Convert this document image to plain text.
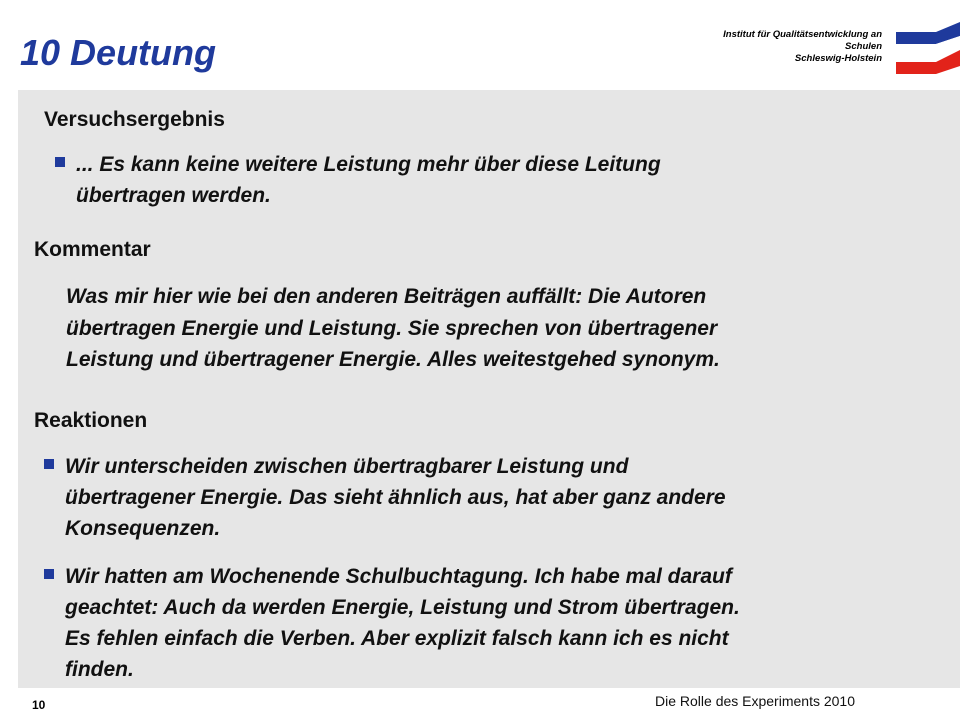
10 Deutung	Institut für Qualitätsentwicklung an
Schulen
Schleswig-Holstein
Versuchsergebnis
... Es kann keine weitere Leistung mehr über diese Leitung
übertragen werden.
Kommentar
Was mir hier wie bei den anderen Beiträgen auffällt: Die Autoren
übertragen Energie und Leistung. Sie sprechen von übertragener
Leistung und übertragener Energie. Alles weitestgehed synonym.
Reaktionen
Wir unterscheiden zwischen übertragbarer Leistung und
übertragener Energie. Das sieht ähnlich aus, hat aber ganz andere
Konsequenzen.
Wir hatten am Wochenende Schulbuchtagung. Ich habe mal darauf
geachtet: Auch da werden Energie, Leistung und Strom übertragen.
Es fehlen einfach die Verben. Aber explizit falsch kann ich es nicht
finden.
10	Die Rolle des Experiments 2010
